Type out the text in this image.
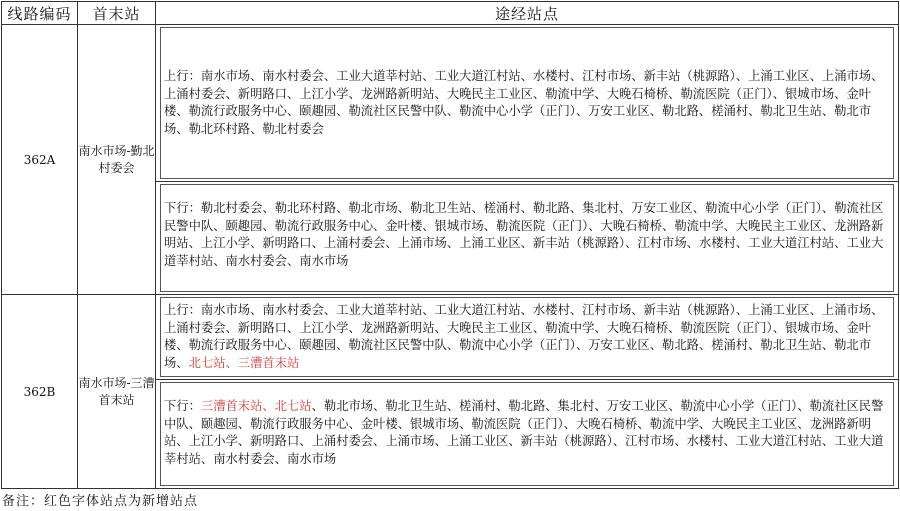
线路编码	首末站	途经站点
362A	南水市场-勤北村委会	上行：南水市场、南水村委会、工业大道莘村站、工业大道江村站、水楼村、江村市场、新丰站（桃源路）、上涌工业区、上涌市场、上涌村委会、新明路口、上江小学、龙洲路新明站、大晚民主工业区、勒流中学、大晚石椅桥、勒流医院（正门）、银城市场、金叶楼、勒流行政服务中心、颐趣园、勒流社区民警中队、勒流中心小学（正门）、万安工业区、勒北路、槎涌村、勒北卫生站、勒北市场、勒北环村路、勒北村委会

		下行：勒北村委会、勒北环村路、勒北市场、勒北卫生站、槎涌村、勒北路、集北村、万安工业区、勒流中心小学（正门）、勒流社区民警中队、颐趣园、勒流行政服务中心、金叶楼、银城市场、勒流医院（正门）、大晚石椅桥、勒流中学、大晚民主工业区、龙洲路新明站、上江小学、新明路口、上涌村委会、上涌市场、上涌工业区、新丰站（桃源路）、江村市场、水楼村、工业大道江村站、工业大道莘村站、南水村委会、南水市场

362B	南水市场-三漕首末站	上行：南水市场、南水村委会、工业大道莘村站、工业大道江村站、水楼村、江村市场、新丰站（桃源路）、上涌工业区、上涌市场、上涌村委会、新明路口、上江小学、龙洲路新明站、大晚民主工业区、勒流中学、大晚石椅桥、勒流医院（正门）、银城市场、金叶楼、勒流行政服务中心、颐趣园、勒流社区民警中队、勒流中心小学（正门）、万安工业区、勒北路、槎涌村、勒北卫生站、勒北市场、北七站、三漕首末站

		下行：三漕首末站、北七站、勒北市场、勒北卫生站、槎涌村、勒北路、集北村、万安工业区、勒流中心小学（正门）、勒流社区民警中队、颐趣园、勒流行政服务中心、金叶楼、银城市场、勒流医院（正门）、大晚石椅桥、勒流中学、大晚民主工业区、龙洲路新明站、上江小学、新明路口、上涌村委会、上涌市场、上涌工业区、新丰站（桃源路）、江村市场、水楼村、工业大道江村站、工业大道莘村站、南水村委会、南水市场
备注：红色字体站点为新增站点
